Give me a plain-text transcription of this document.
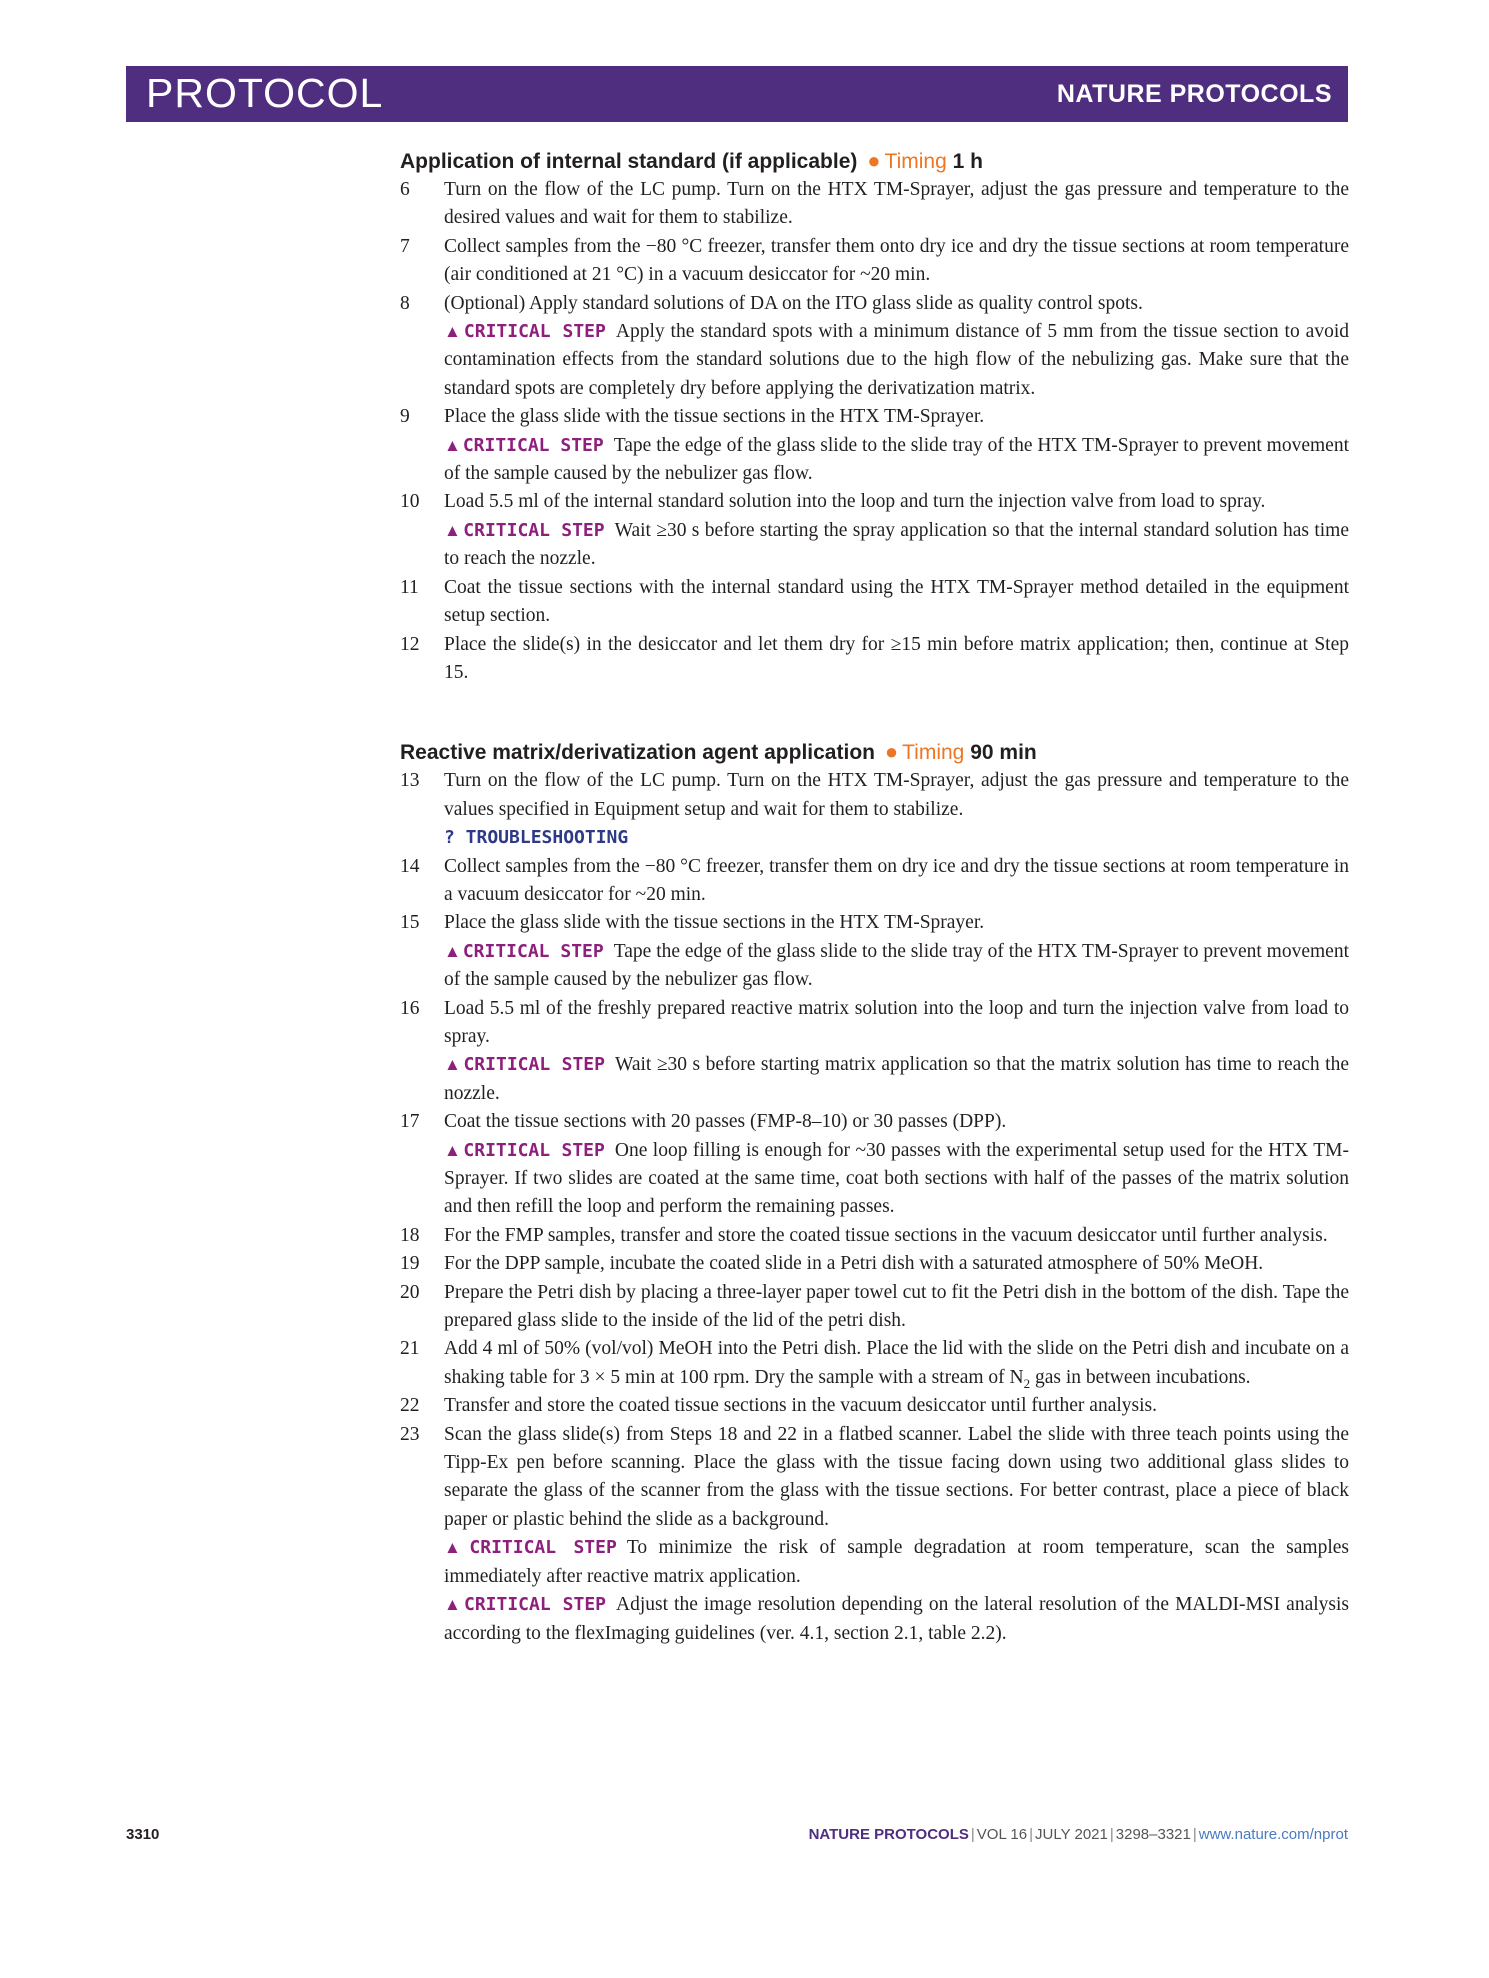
PROTOCOL	NATURE PROTOCOLS
Application of internal standard (if applicable) ● Timing 1 h
6	Turn on the flow of the LC pump. Turn on the HTX TM-Sprayer, adjust the gas pressure and temperature to the desired values and wait for them to stabilize.

7	Collect samples from the −80 °C freezer, transfer them onto dry ice and dry the tissue sections at room temperature (air conditioned at 21 °C) in a vacuum desiccator for ~20 min.

8	(Optional) Apply standard solutions of DA on the ITO glass slide as quality control spots.

▲ CRITICAL STEP Apply the standard spots with a minimum distance of 5 mm from the tissue section to avoid contamination effects from the standard solutions due to the high flow of the nebulizing gas. Make sure that the standard spots are completely dry before applying the derivatization matrix.

9	Place the glass slide with the tissue sections in the HTX TM-Sprayer.

▲ CRITICAL STEP Tape the edge of the glass slide to the slide tray of the HTX TM-Sprayer to prevent movement of the sample caused by the nebulizer gas flow.

10	Load 5.5 ml of the internal standard solution into the loop and turn the injection valve from load to spray.

▲ CRITICAL STEP Wait ≥30 s before starting the spray application so that the internal standard solution has time to reach the nozzle.

11	Coat the tissue sections with the internal standard using the HTX TM-Sprayer method detailed in the equipment setup section.

12	Place the slide(s) in the desiccator and let them dry for ≥15 min before matrix application; then, continue at Step 15.

Reactive matrix/derivatization agent application ● Timing 90 min
13	Turn on the flow of the LC pump. Turn on the HTX TM-Sprayer, adjust the gas pressure and temperature to the values specified in Equipment setup and wait for them to stabilize.

? TROUBLESHOOTING

14	Collect samples from the −80 °C freezer, transfer them on dry ice and dry the tissue sections at room temperature in a vacuum desiccator for ~20 min.

15	Place the glass slide with the tissue sections in the HTX TM-Sprayer.

▲ CRITICAL STEP Tape the edge of the glass slide to the slide tray of the HTX TM-Sprayer to prevent movement of the sample caused by the nebulizer gas flow.

16	Load 5.5 ml of the freshly prepared reactive matrix solution into the loop and turn the injection valve from load to spray.

▲ CRITICAL STEP Wait ≥30 s before starting matrix application so that the matrix solution has time to reach the nozzle.

17	Coat the tissue sections with 20 passes (FMP-8–10) or 30 passes (DPP).

▲ CRITICAL STEP One loop filling is enough for ~30 passes with the experimental setup used for the HTX TM-Sprayer. If two slides are coated at the same time, coat both sections with half of the passes of the matrix solution and then refill the loop and perform the remaining passes.

18	For the FMP samples, transfer and store the coated tissue sections in the vacuum desiccator until further analysis.

19	For the DPP sample, incubate the coated slide in a Petri dish with a saturated atmosphere of 50% MeOH.

20	Prepare the Petri dish by placing a three-layer paper towel cut to fit the Petri dish in the bottom of the dish. Tape the prepared glass slide to the inside of the lid of the petri dish.

21	Add 4 ml of 50% (vol/vol) MeOH into the Petri dish. Place the lid with the slide on the Petri dish and incubate on a shaking table for 3 × 5 min at 100 rpm. Dry the sample with a stream of $N_2$ gas in between incubations.

22	Transfer and store the coated tissue sections in the vacuum desiccator until further analysis.

23	Scan the glass slide(s) from Steps 18 and 22 in a flatbed scanner. Label the slide with three teach points using the Tipp-Ex pen before scanning. Place the glass with the tissue facing down using two additional glass slides to separate the glass of the scanner from the glass with the tissue sections. For better contrast, place a piece of black paper or plastic behind the slide as a background.

▲ CRITICAL STEP To minimize the risk of sample degradation at room temperature, scan the samples immediately after reactive matrix application.

▲ CRITICAL STEP Adjust the image resolution depending on the lateral resolution of the MALDI-MSI analysis according to the flexImaging guidelines (ver. 4.1, section 2.1, table 2.2).

3310	NATURE PROTOCOLS | VOL 16 | JULY 2021 | 3298–3321 | www.nature.com/nprot
